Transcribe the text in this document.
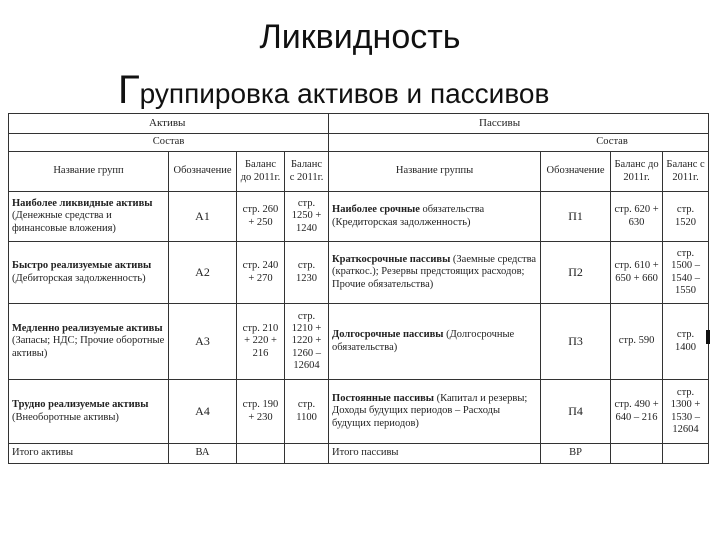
Ликвидность
Группировка активов и пассивов
Активы				Пассивы			
Состав				Состав			
Название групп	Обозначение	Баланс до 2011г.	Баланс с 2011г.	Название группы	Обозначение	Баланс до 2011г.	Баланс с 2011г.
Наиболее ликвидные активы (Денежные средства и финансовые вложения)	А1	стр. 260 + 250	стр. 1250 + 1240	Наиболее срочные обязательства (Кредиторская задолженность)	П1	стр. 620 + 630	стр. 1520
Быстро реализуемые активы (Дебиторская задолженность)	А2	стр. 240 + 270	стр. 1230	Краткосрочные пассивы (Заемные средства (краткос.); Резервы предстоящих расходов; Прочие обязательства)	П2	стр. 610 + 650 + 660	стр. 1500 – 1540 – 1550
Медленно реализуемые активы (Запасы; НДС; Прочие оборотные активы)	А3	стр. 210 + 220 + 216	стр. 1210 + 1220 + 1260 – 12604	Долгосрочные пассивы (Долгосрочные обязательства)	П3	стр. 590	стр. 1400
Трудно реализуемые активы (Внеоборотные активы)	А4	стр. 190 + 230	стр. 1100	Постоянные пассивы (Капитал и резервы; Доходы будущих периодов – Расходы будущих периодов)	П4	стр. 490 + 640 – 216	стр. 1300 + 1530 – 12604
Итого активы	ВА			Итого пассивы	ВР		
